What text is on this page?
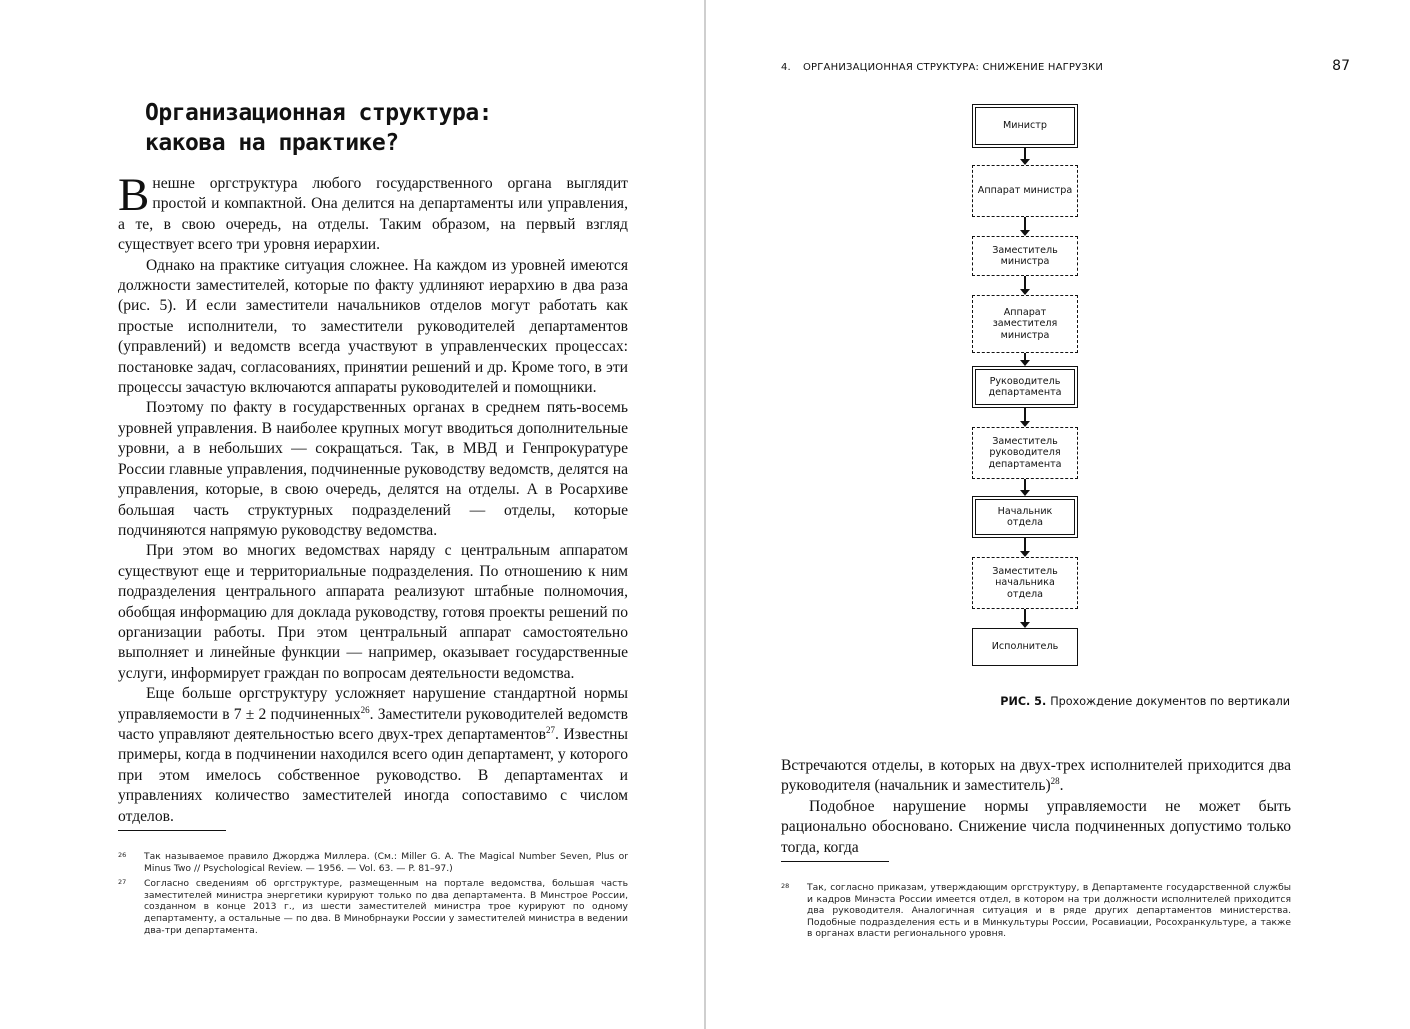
Организационная структура:
какова на практике?

Внешне оргструктура любого государственного органа выглядит простой и компактной. Она делится на департаменты или управления, а те, в свою очередь, на отделы. Таким образом, на первый взгляд существует всего три уровня иерархии.

Однако на практике ситуация сложнее. На каждом из уровней имеются должности заместителей, которые по факту удлиняют иерархию в два раза (рис. 5). И если заместители начальников отделов могут работать как простые исполнители, то заместители руководителей департаментов (управлений) и ведомств всегда участвуют в управленческих процессах: постановке задач, согласованиях, принятии решений и др. Кроме того, в эти процессы зачастую включаются аппараты руководителей и помощники.

Поэтому по факту в государственных органах в среднем пять-восемь уровней управления. В наиболее крупных могут вводиться дополнительные уровни, а в небольших — сокращаться. Так, в МВД и Генпрокуратуре России главные управления, подчиненные руководству ведомств, делятся на управления, которые, в свою очередь, делятся на отделы. А в Росархиве большая часть структурных подразделений — отделы, которые подчиняются напрямую руководству ведомства.

При этом во многих ведомствах наряду с центральным аппаратом существуют еще и территориальные подразделения. По отношению к ним подразделения центрального аппарата реализуют штабные полномочия, обобщая информацию для доклада руководству, готовя проекты решений по организации работы. При этом центральный аппарат самостоятельно выполняет и линейные функции — например, оказывает государственные услуги, информирует граждан по вопросам деятельности ведомства.

Еще больше оргструктуру усложняет нарушение стандартной нормы управляемости в 7 ± 2 подчиненных$^{26}$. Заместители руководителей ведомств часто управляют деятельностью всего двух-трех департаментов$^{27}$. Известны примеры, когда в подчинении находился всего один департамент, у которого при этом имелось собственное руководство. В департаментах и управлениях количество заместителей иногда сопоставимо с числом отделов.

26 Так называемое правило Джорджа Миллера. (См.: Miller G. A. The Magical Number Seven, Plus or Minus Two // Psychological Review. — 1956. — Vol. 63. — P. 81–97.)
27 Согласно сведениям об оргструктуре, размещенным на портале ведомства, большая часть заместителей министра энергетики курируют только по два департамента. В Минстрое России, созданном в конце 2013 г., из шести заместителей министра трое курируют по одному департаменту, а остальные — по два. В Минобрнауки России у заместителей министра в ведении два-три департамента.
4. ОРГАНИЗАЦИОННАЯ СТРУКТУРА: СНИЖЕНИЕ НАГРУЗКИ	87
Министр
Аппарат министра
Заместитель министра
Аппарат заместителя министра
Руководитель департамента
Заместитель руководителя департамента
Начальник отдела
Заместитель начальника отдела
Исполнитель
РИС. 5. Прохождение документов по вертикали

Встречаются отделы, в которых на двух-трех исполнителей приходится два руководителя (начальник и заместитель)$^{28}$.

Подобное нарушение нормы управляемости не может быть рационально обосновано. Снижение числа подчиненных допустимо только тогда, когда

28 Так, согласно приказам, утверждающим оргструктуру, в Департаменте государственной службы и кадров Минэста России имеется отдел, в котором на три должности исполнителей приходится два руководителя. Аналогичная ситуация и в ряде других департаментов министерства. Подобные подразделения есть и в Минкультуры России, Росавиации, Росохранкультуре, а также в органах власти регионального уровня.
